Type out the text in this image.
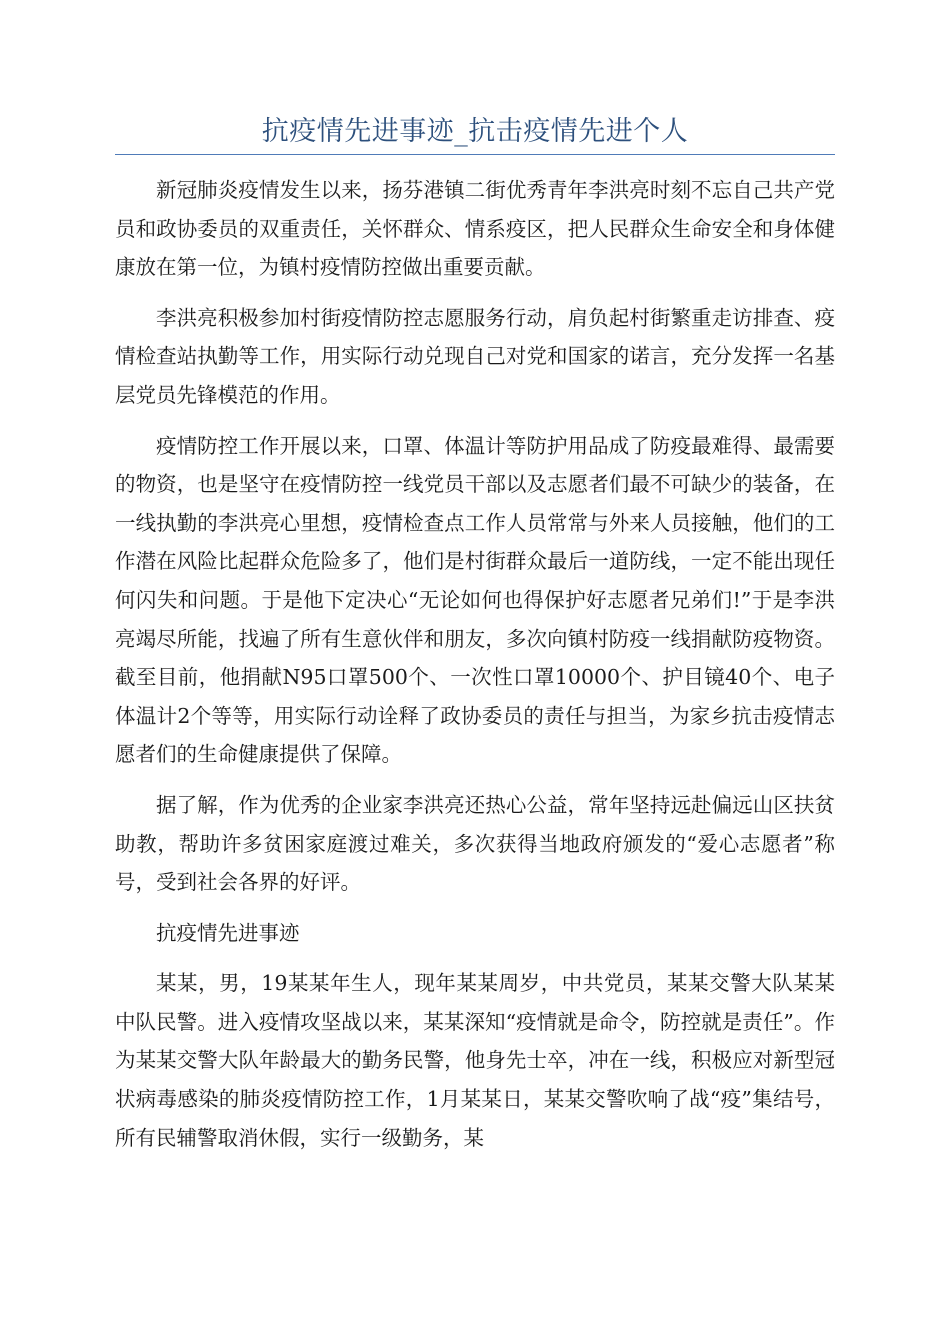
抗疫情先进事迹_抗击疫情先进个人

新冠肺炎疫情发生以来，扬芬港镇二街优秀青年李洪亮时刻不忘自己共产党员和政协委员的双重责任，关怀群众、情系疫区，把人民群众生命安全和身体健康放在第一位，为镇村疫情防控做出重要贡献。

李洪亮积极参加村街疫情防控志愿服务行动，肩负起村街繁重走访排查、疫情检查站执勤等工作，用实际行动兑现自己对党和国家的诺言，充分发挥一名基层党员先锋模范的作用。

疫情防控工作开展以来，口罩、体温计等防护用品成了防疫最难得、最需要的物资，也是坚守在疫情防控一线党员干部以及志愿者们最不可缺少的装备，在一线执勤的李洪亮心里想，疫情检查点工作人员常常与外来人员接触，他们的工作潜在风险比起群众危险多了，他们是村街群众最后一道防线，一定不能出现任何闪失和问题。于是他下定决心“无论如何也得保护好志愿者兄弟们!”于是李洪亮竭尽所能，找遍了所有生意伙伴和朋友，多次向镇村防疫一线捐献防疫物资。截至目前，他捐献N95口罩500个、一次性口罩10000个、护目镜40个、电子体温计2个等等，用实际行动诠释了政协委员的责任与担当，为家乡抗击疫情志愿者们的生命健康提供了保障。

据了解，作为优秀的企业家李洪亮还热心公益，常年坚持远赴偏远山区扶贫助教，帮助许多贫困家庭渡过难关，多次获得当地政府颁发的“爱心志愿者”称号，受到社会各界的好评。

抗疫情先进事迹

某某，男，19某某年生人，现年某某周岁，中共党员，某某交警大队某某中队民警。进入疫情攻坚战以来，某某深知“疫情就是命令，防控就是责任”。作为某某交警大队年龄最大的勤务民警，他身先士卒，冲在一线，积极应对新型冠状病毒感染的肺炎疫情防控工作，1月某某日，某某交警吹响了战“疫”集结号，所有民辅警取消休假，实行一级勤务，某
